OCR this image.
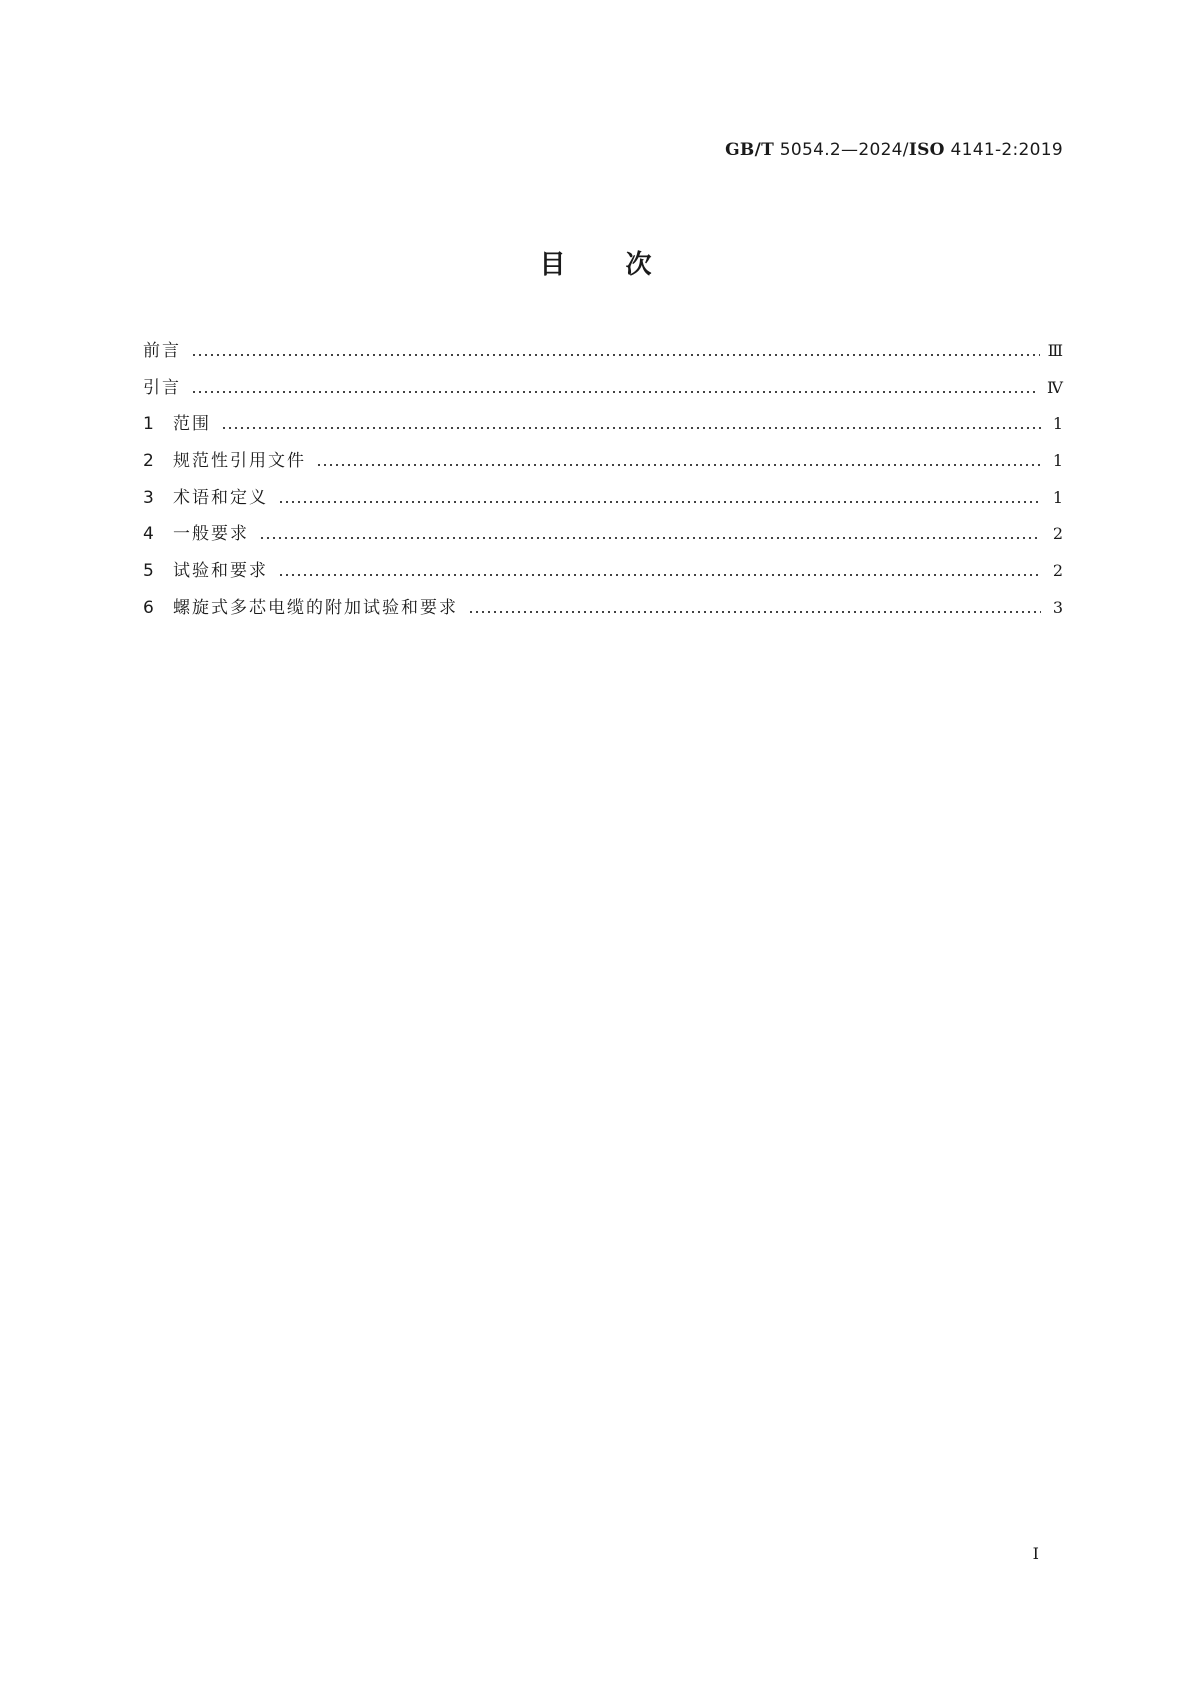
GB/T 5054.2—2024/ISO 4141-2:2019
目次
前言	Ⅲ
引言	Ⅳ
1	范围	1
2	规范性引用文件	1
3	术语和定义	1
4	一般要求	2
5	试验和要求	2
6	螺旋式多芯电缆的附加试验和要求	3
Ⅰ
